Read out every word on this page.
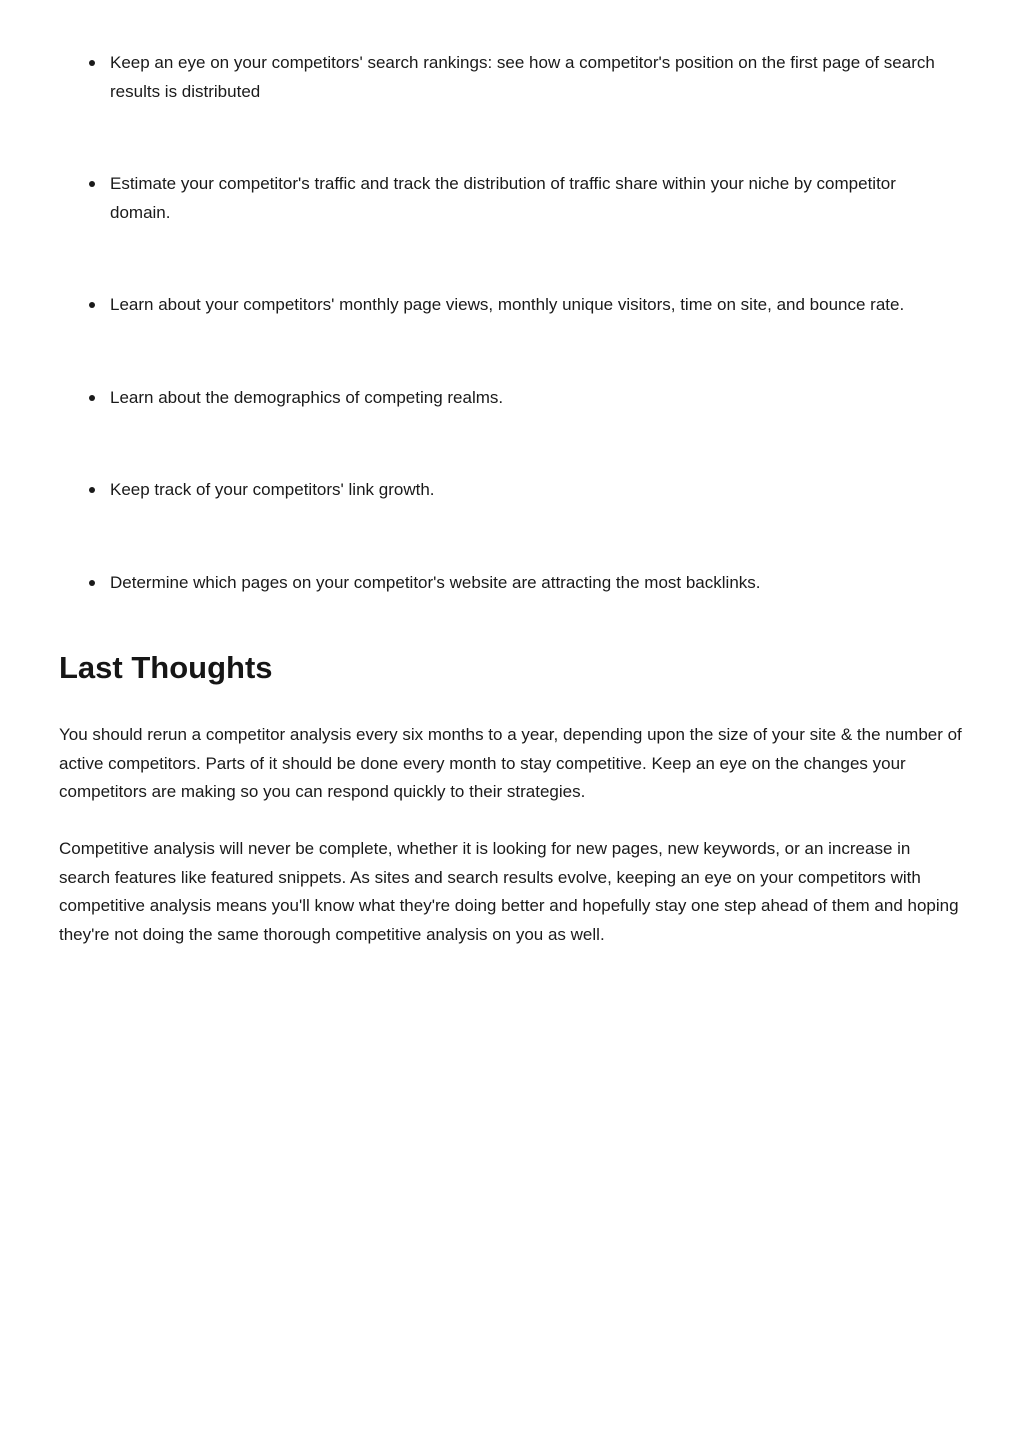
Keep an eye on your competitors' search rankings: see how a competitor's position on the first page of search results is distributed
Estimate your competitor's traffic and track the distribution of traffic share within your niche by competitor domain.
Learn about your competitors' monthly page views, monthly unique visitors, time on site, and bounce rate.
Learn about the demographics of competing realms.
Keep track of your competitors' link growth.
Determine which pages on your competitor's website are attracting the most backlinks.
Last Thoughts

You should rerun a competitor analysis every six months to a year, depending upon the size of your site & the number of active competitors. Parts of it should be done every month to stay competitive. Keep an eye on the changes your competitors are making so you can respond quickly to their strategies.

Competitive analysis will never be complete, whether it is looking for new pages, new keywords, or an increase in search features like featured snippets. As sites and search results evolve, keeping an eye on your competitors with competitive analysis means you'll know what they're doing better and hopefully stay one step ahead of them and hoping they're not doing the same thorough competitive analysis on you as well.
